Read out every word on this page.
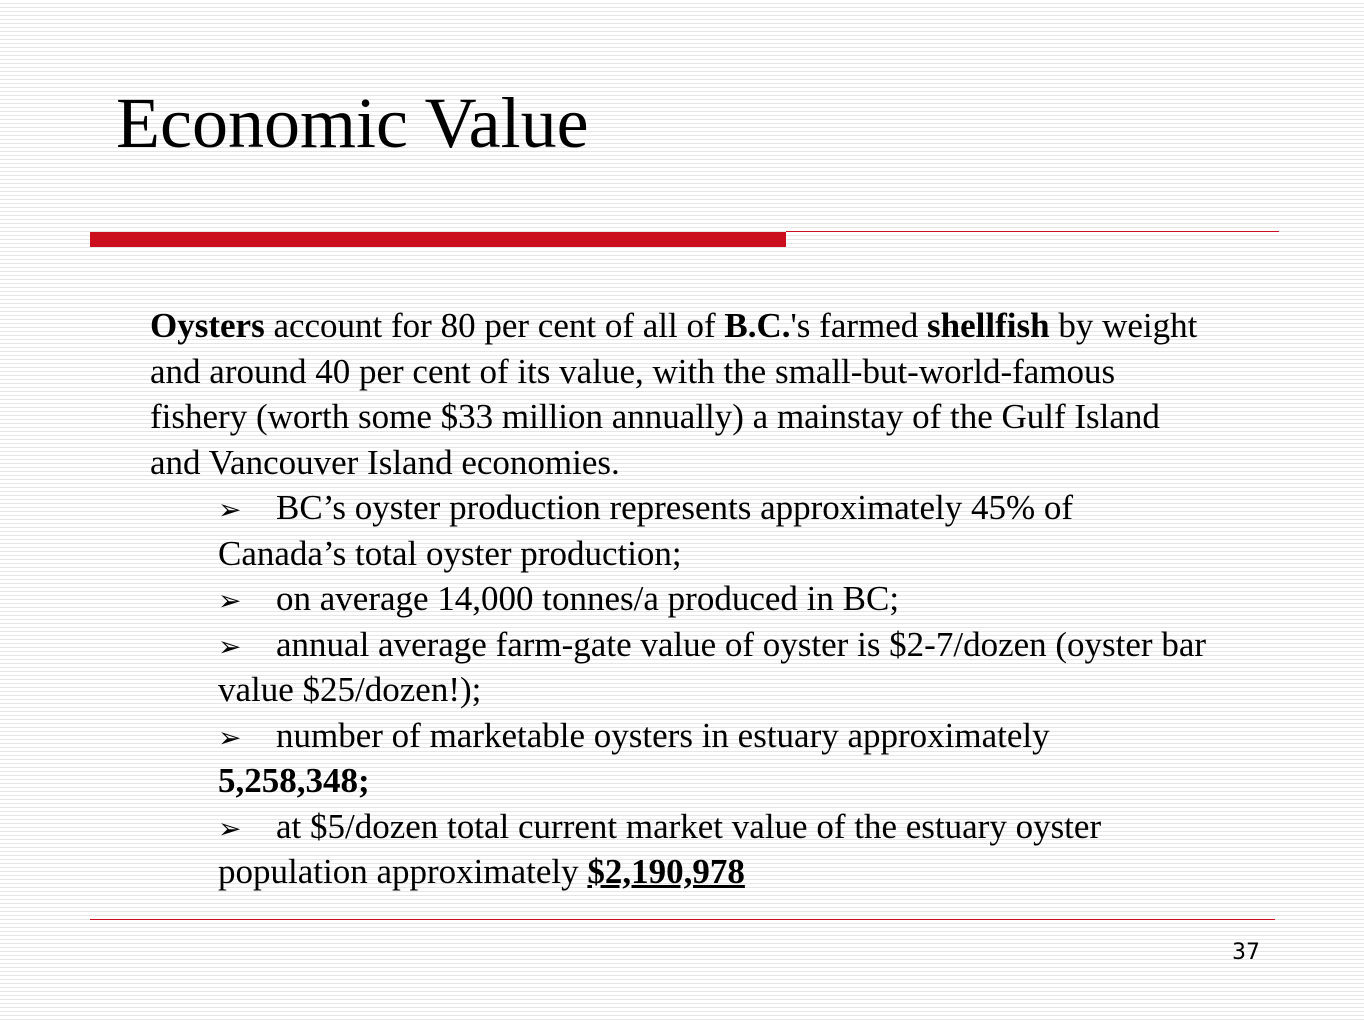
Economic Value

Oysters account for 80 per cent of all of B.C.'s farmed shellfish by weight and around 40 per cent of its value, with the small-but-world-famous fishery (worth some $33 million annually) a mainstay of the Gulf Island and Vancouver Island economies.

➢ BC’s oyster production represents approximately 45% of Canada’s total oyster production;
➢ on average 14,000 tonnes/a produced in BC;
➢ annual average farm-gate value of oyster is $2-7/dozen (oyster bar value $25/dozen!);
➢ number of marketable oysters in estuary approximately 5,258,348;
➢ at $5/dozen total current market value of the estuary oyster population approximately $2,190,978
37
